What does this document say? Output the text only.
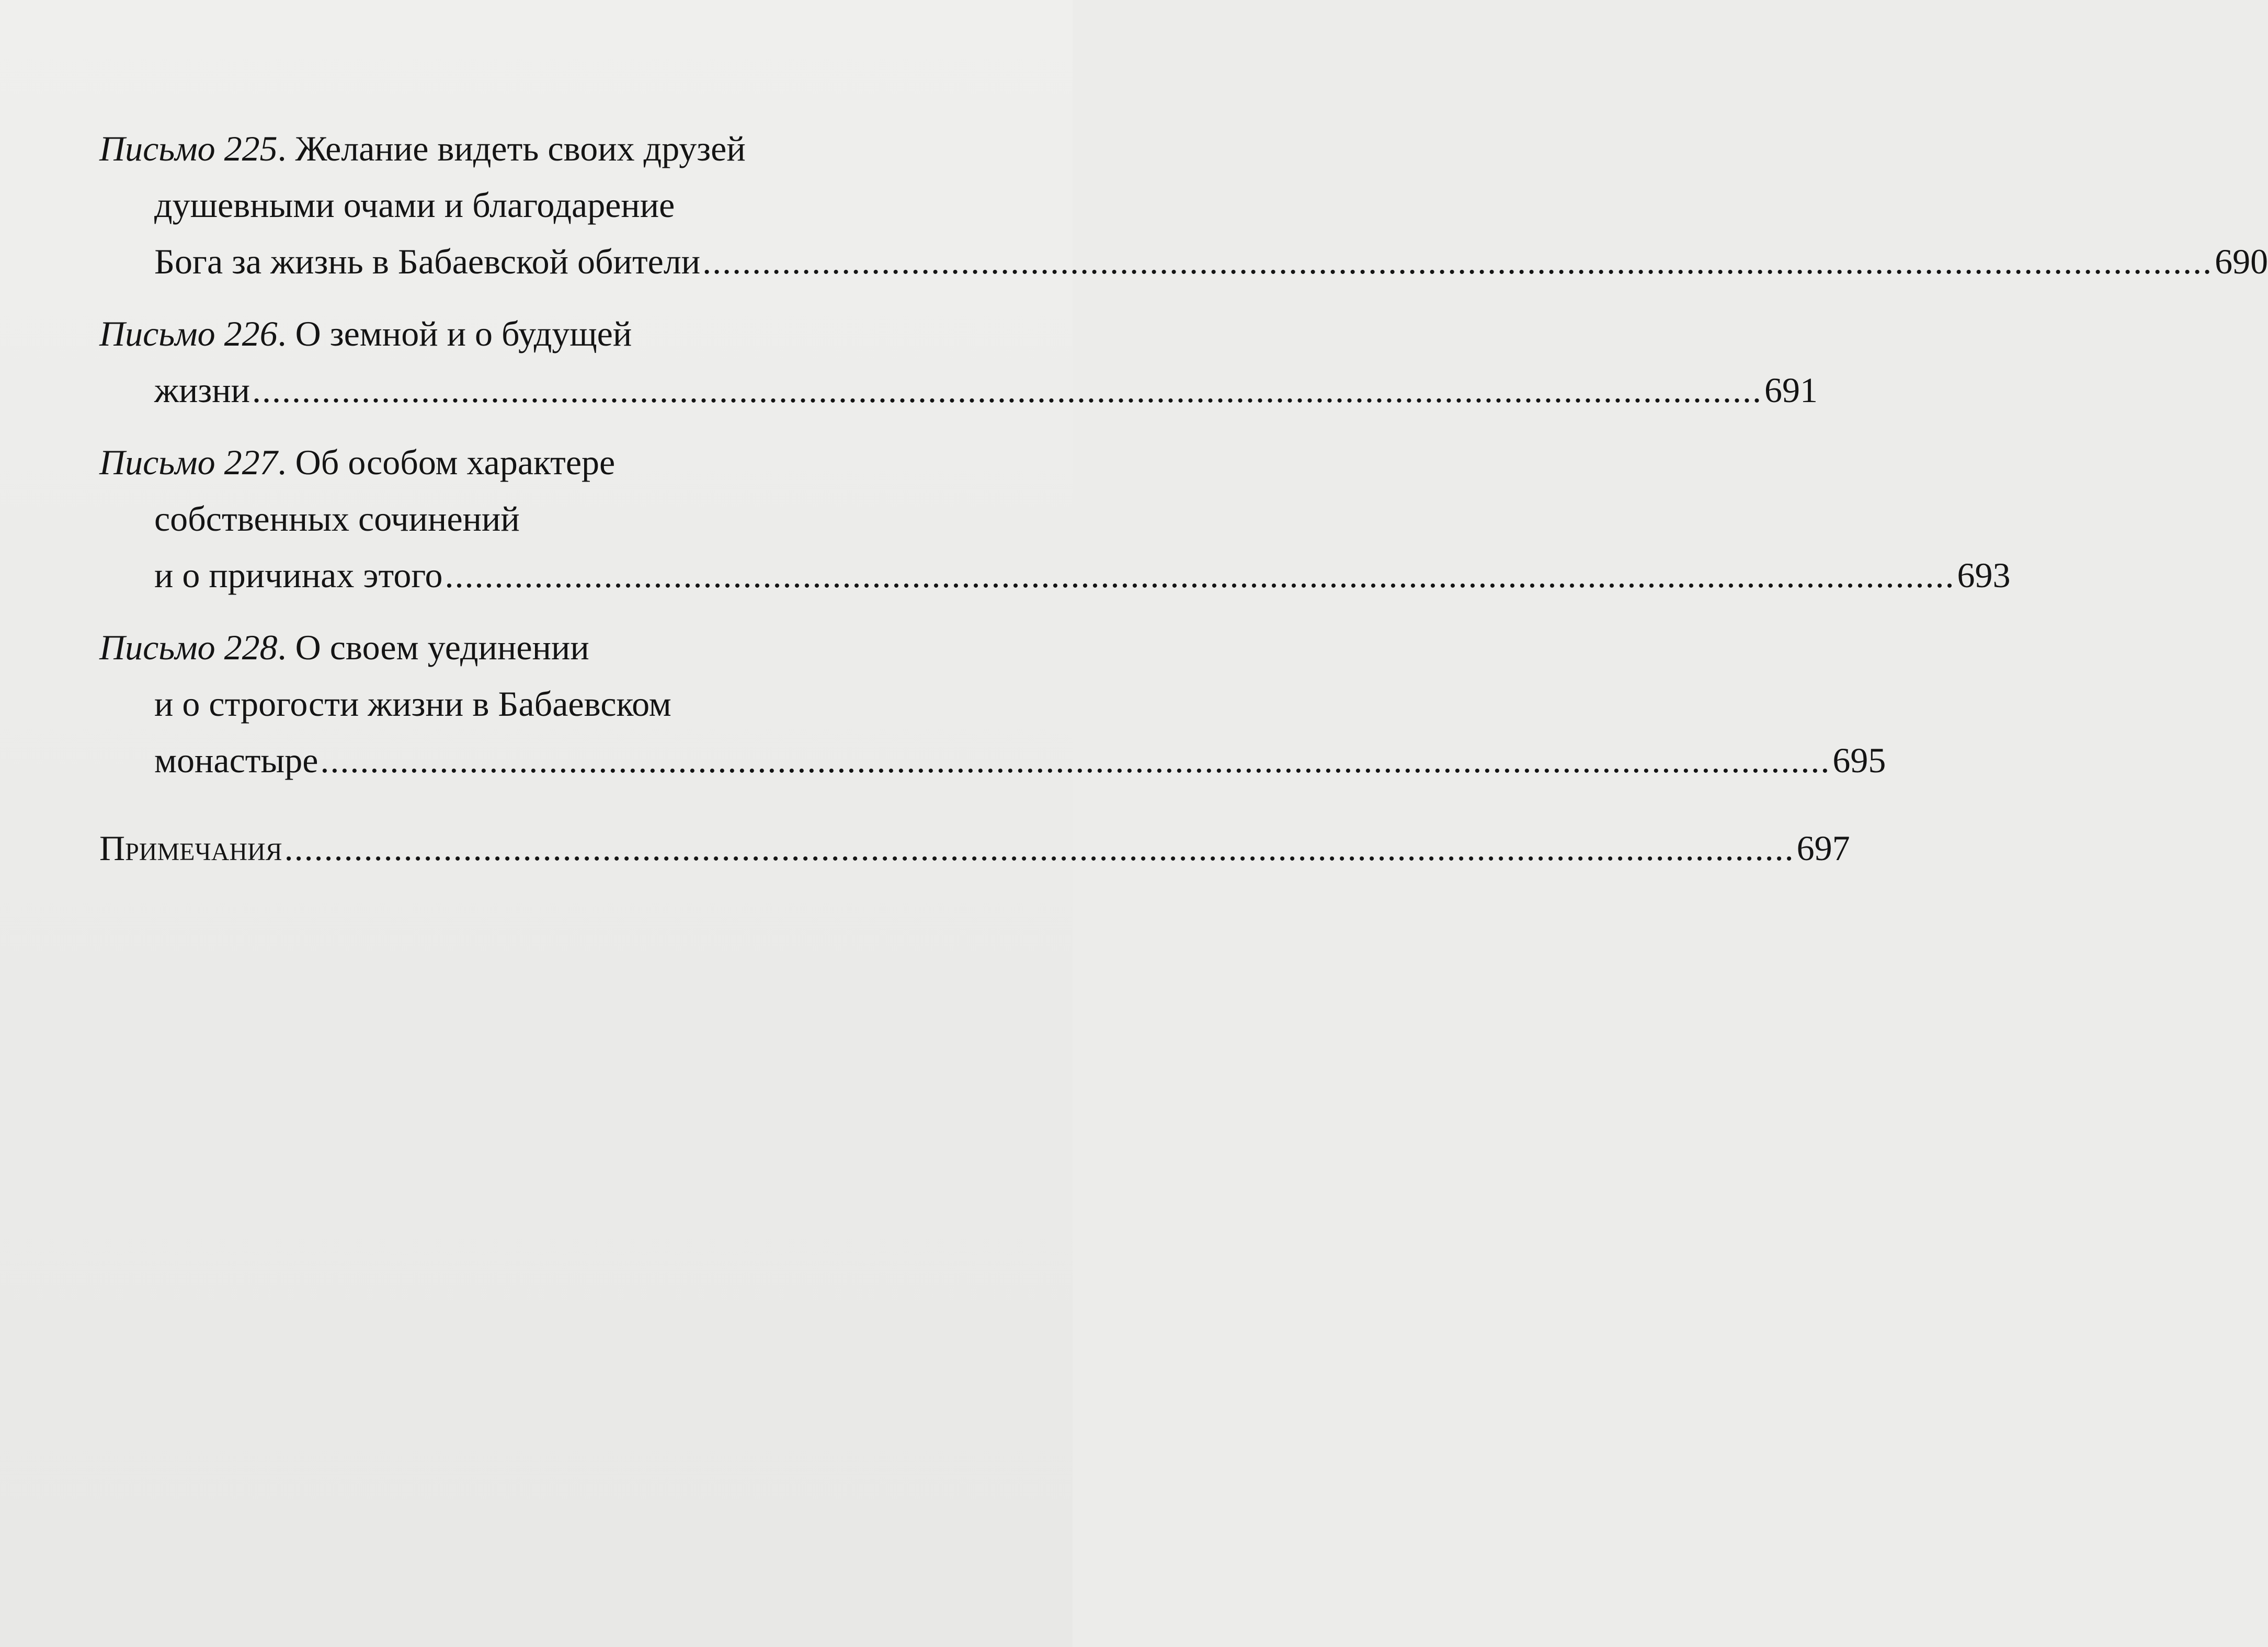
Письмо 225 . Желание видеть своих друзей
душевными очами и благодарение
Бога за жизнь в Бабаевской обители ........................................................................................................................................................ 690
Письмо 226 . О земной и о будущей
жизни ........................................................................................................................................................ 691
Письмо 227 . Об особом характере
собственных сочинений
и о причинах этого ........................................................................................................................................................ 693
Письмо 228 . О своем уединении
и о строгости жизни в Бабаевском
монастыре ........................................................................................................................................................ 695
Примечания ........................................................................................................................................................ 697
